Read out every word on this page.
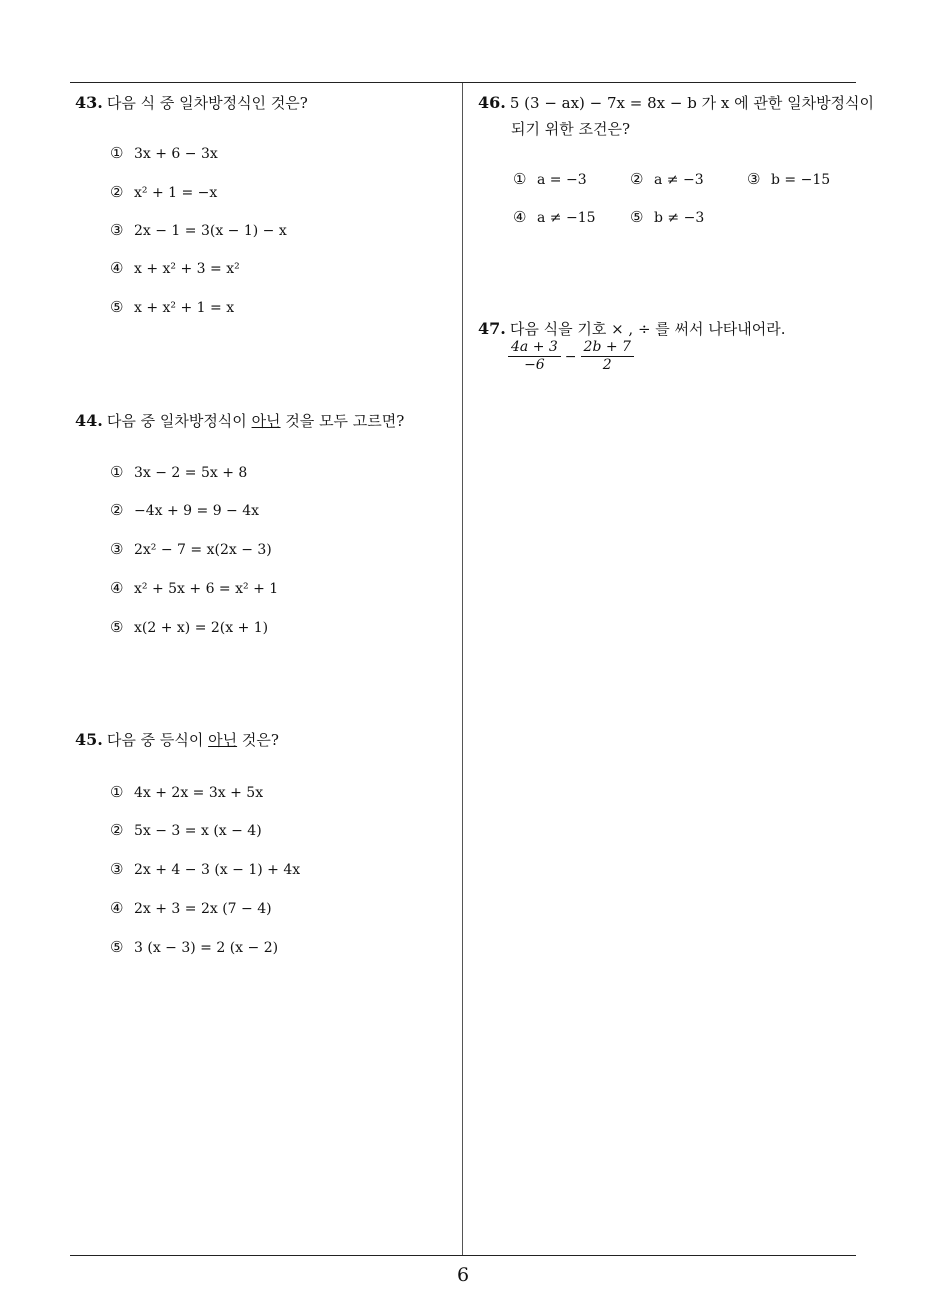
43. 다음 식 중 일차방정식인 것은?
① 3x + 6 − 3x
② x² + 1 = −x
③ 2x − 1 = 3(x − 1) − x
④ x + x² + 3 = x²
⑤ x + x² + 1 = x
44. 다음 중 일차방정식이 아닌 것을 모두 고르면?
① 3x − 2 = 5x + 8
② −4x + 9 = 9 − 4x
③ 2x² − 7 = x(2x − 3)
④ x² + 5x + 6 = x² + 1
⑤ x(2 + x) = 2(x + 1)
45. 다음 중 등식이 아닌 것은?
① 4x + 2x = 3x + 5x
② 5x − 3 = x (x − 4)
③ 2x + 4 − 3 (x − 1) + 4x
④ 2x + 3 = 2x (7 − 4)
⑤ 3 (x − 3) = 2 (x − 2)
46. 5 (3 − ax) − 7x = 8x − b 가 x 에 관한 일차방정식이
되기 위한 조건은?
① a = −3	② a ≠ −3	③ b = −15
④ a ≠ −15 ⑤ b ≠ −3
47. 다음 식을 기호 × , ÷ 를 써서 나타내어라.
$\frac{4a + 3}{-6} - \frac{2b + 7}{2}$
6
